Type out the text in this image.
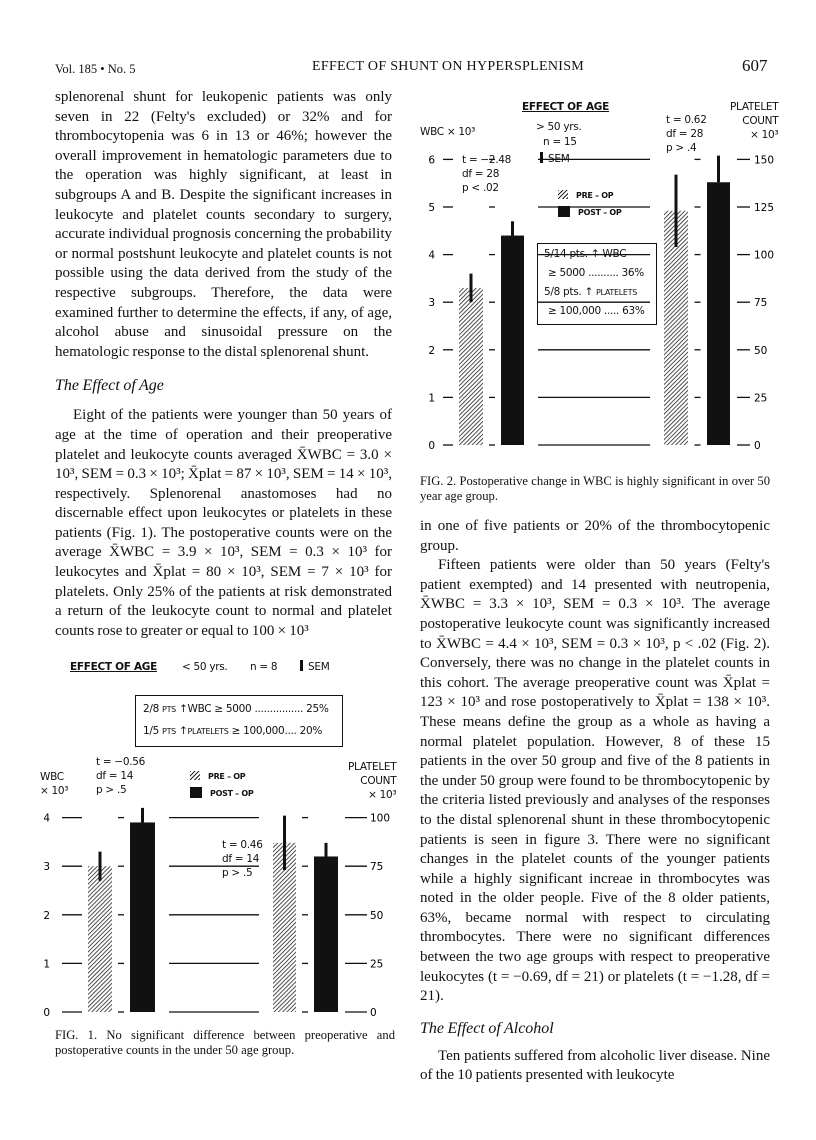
Vol. 185 • No. 5	EFFECT OF SHUNT ON HYPERSPLENISM	607

splenorenal shunt for leukopenic patients was only seven in 22 (Felty's excluded) or 32% and for thrombocytopenia was 6 in 13 or 46%; however the overall improvement in hematologic parameters due to the operation was highly significant, at least in subgroups A and B. Despite the significant increases in leukocyte and platelet counts secondary to surgery, accurate individual prognosis concerning the probability or normal postshunt leukocyte and platelet counts is not possible using the data derived from the study of the respective subgroups. Therefore, the data were examined further to determine the effects, if any, of age, alcohol abuse and sinusoidal pressure on the hematologic response to the distal splenorenal shunt.

The Effect of Age

Eight of the patients were younger than 50 years of age at the time of operation and their preoperative platelet and leukocyte counts averaged X̄WBC = 3.0 × 10³, SEM = 0.3 × 10³; X̄plat = 87 × 10³, SEM = 14 × 10³, respectively. Splenorenal anastomoses had no discernable effect upon leukocytes or platelets in these patients (Fig. 1). The postoperative counts were on the average X̄WBC = 3.9 × 10³, SEM = 0.3 × 10³ for leukocytes and X̄plat = 80 × 10³, SEM = 7 × 10³ for platelets. Only 25% of the patients at risk demonstrated a return of the leukocyte count to normal and platelet counts rose to greater or equal to 100 × 10³

in one of five patients or 20% of the thrombocytopenic group.

Fifteen patients were older than 50 years (Felty's patient exempted) and 14 presented with neutropenia, X̄WBC = 3.3 × 10³, SEM = 0.3 × 10³. The average postoperative leukocyte count was significantly increased to X̄WBC = 4.4 × 10³, SEM = 0.3 × 10³, p < .02 (Fig. 2). Conversely, there was no change in the platelet counts in this cohort. The average preoperative count was X̄plat = 123 × 10³ and rose postoperatively to X̄plat = 138 × 10³. These means define the group as a whole as having a normal platelet population. However, 8 of these 15 patients in the over 50 group and five of the 8 patients in the under 50 group were found to be thrombocytopenic by the criteria listed previously and analyses of the responses to the distal splenorenal shunt in these thrombocytopenic patients is seen in figure 3. There were no significant changes in the platelet counts of the younger patients while a highly significant increae in thrombocytes was noted in the older people. Five of the 8 older patients, 63%, became normal with respect to circulating thrombocytes. There were no significant differences between the two age groups with respect to preoperative leukocytes (t = −0.69, df = 21) or platelets (t = −1.28, df = 21).

The Effect of Alcohol

Ten patients suffered from alcoholic liver disease. Nine of the 10 patients presented with leukocyte

0	0
1	25
2	50
3	75
4	100
0	0
1	25
2	50
3	75
4	100
5	125
6	150
EFFECT OF AGE < 50 yrs. n = 8	SEM
2/8 PTS ↑WBC ≥ 5000 ................ 25%
1/5 PTS ↑PLATELETS ≥ 100,000.... 20%
WBC
× 10³
t = −0.56
df = 14
p > .5
PRE – OP
POST – OP
t = 0.46
df = 14
p > .5
PLATELET
COUNT
× 10³
FIG. 1. No significant difference between preoperative and postoperative counts in the under 50 age group.
EFFECT OF AGE
> 50 yrs.
n = 15
SEM
WBC × 10³
t = −2.48
df = 28
p < .02
t = 0.62
df = 28
p > .4
PLATELET
COUNT
× 10³
PRE – OP
POST – OP
5/14 pts. ↑ WBC
≥ 5000 .......... 36%
5/8 pts. ↑ PLATELETS
≥ 100,000 ..... 63%
FIG. 2. Postoperative change in WBC is highly significant in over 50 year age group.
